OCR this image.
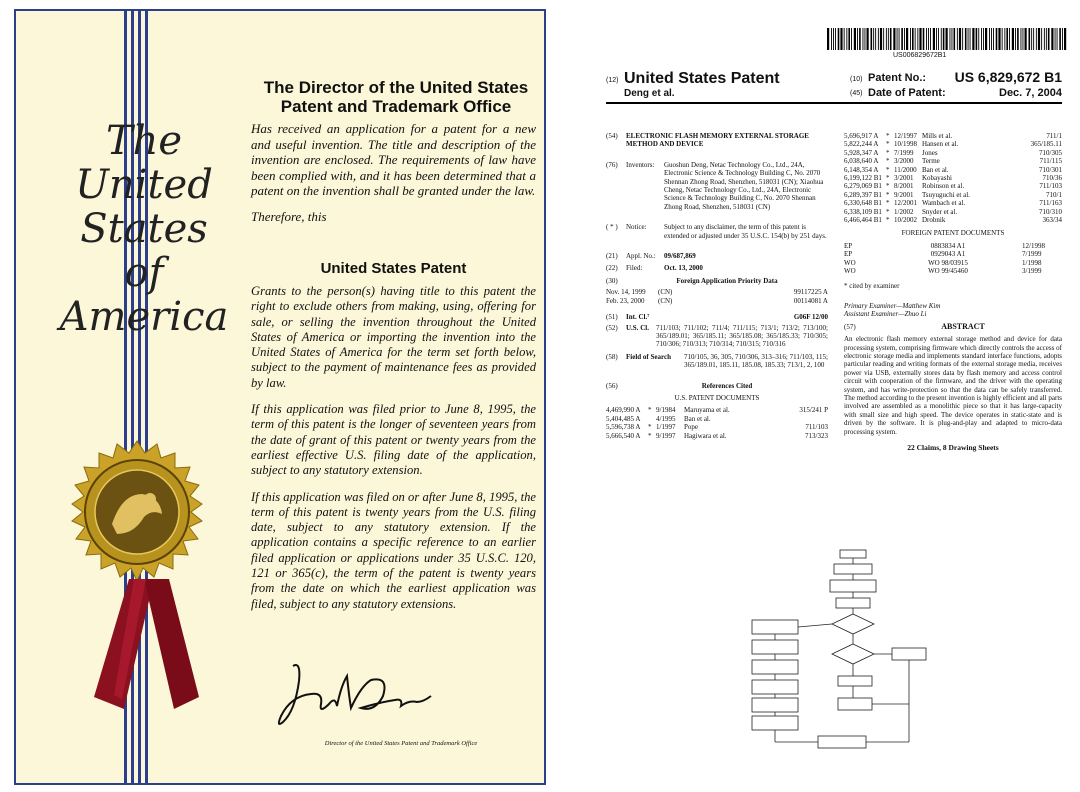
The
United
States
of
America
The Director of the United States Patent and Trademark Office

Has received an application for a patent for a new and useful invention. The title and description of the invention are enclosed. The requirements of law have been complied with, and it has been determined that a patent on the invention shall be granted under the law.

Therefore, this

United States Patent

Grants to the person(s) having title to this patent the right to exclude others from making, using, offering for sale, or selling the invention throughout the United States of America or importing the invention into the United States of America for the term set forth below, subject to the payment of maintenance fees as provided by law.

If this application was filed prior to June 8, 1995, the term of this patent is the longer of seventeen years from the date of grant of this patent or twenty years from the earliest effective U.S. filing date of the application, subject to any statutory extension.

If this application was filed on or after June 8, 1995, the term of this patent is twenty years from the U.S. filing date, subject to any statutory extension. If the application contains a specific reference to an earlier filed application or applications under 35 U.S.C. 120, 121 or 365(c), the term of the patent is twenty years from the date on which the earliest application was filed, subject to any statutory extensions.

Director of the United States Patent and Trademark Office
US006829672B1
(12) United States Patent
Deng et al.
(10) Patent No.:	US 6,829,672 B1
(45) Date of Patent:	Dec. 7, 2004
(54)	ELECTRONIC FLASH MEMORY EXTERNAL STORAGE METHOD AND DEVICE
(76)	Inventors:	Guoshun Deng, Netac Technology Co., Ltd., 24A, Electronic Science & Technology Building C, No. 2070 Shennan Zhong Road, Shenzhen, 518031 (CN); Xiaohua Cheng, Netac Technology Co., Ltd., 24A, Electronic Science & Technology Building C, No. 2070 Shennan Zhong Road, Shenzhen, 518031 (CN)
( * )	Notice:	Subject to any disclaimer, the term of this patent is extended or adjusted under 35 U.S.C. 154(b) by 251 days.
(21)	Appl. No.:	09/687,869
(22)	Filed:	Oct. 13, 2000
(30)	Foreign Application Priority Data
Nov. 14, 1999	(CN)	99117225 A
Feb. 23, 2000	(CN)	00114081 A
(51)	Int. Cl.⁷	G06F 12/00
(52)	U.S. Cl.	711/103; 711/102; 711/4; 711/115; 713/1; 713/2; 713/100; 365/189.01; 365/185.11; 365/185.08; 365/185.33; 710/305; 710/306; 710/313; 710/314; 710/315; 710/316
(58)	Field of Search	710/105, 36, 305, 710/306, 313–316; 711/103, 115; 365/189.01, 185.11, 185.08, 185.33; 713/1, 2, 100
(56)	References Cited
U.S. PATENT DOCUMENTS
4,469,990 A	* 9/1984	Maruyama et al.	315/241 P
5,404,485 A	4/1995	Ban et al.
5,596,738 A	* 1/1997	Pope	711/103
5,666,540 A	* 9/1997	Hagiwara et al.	713/323
5,696,917 A	* 12/1997 Mills et al.	711/1
5,822,244 A	* 10/1998 Hansen et al.	365/185.11
5,928,347 A	* 7/1999	Jones	710/305
6,038,640 A	* 3/2000	Terme	711/115
6,148,354 A	* 11/2000 Ban et al.	710/301
6,199,122 B1 * 3/2001	Kobayashi	710/36
6,279,069 B1 * 8/2001	Robinson et al.	711/103
6,289,397 B1 * 9/2001	Tsuyuguchi et al.	710/1
6,330,648 B1 * 12/2001 Wambach et al.	711/163
6,338,109 B1 * 1/2002	Snyder et al.	710/310
6,466,464 B1 * 10/2002 Drobnik	363/34
FOREIGN PATENT DOCUMENTS
EP	0883834 A1	12/1998
EP	0929043 A1	7/1999
WO	WO 98/03915	1/1998
WO	WO 99/45460	3/1999
* cited by examiner
Primary Examiner—Matthew Kim
Assistant Examiner—Zhuo Li
(57)	ABSTRACT
An electronic flash memory external storage method and device for data processing system, comprising firmware which directly controls the access of electronic storage media and implements standard interface functions, adopts particular reading and writing formats of the external storage media, receives power via USB, externally stores data by flash memory and access control circuit with cooperation of the firmware, and the driver with the operating system, and has write-protection so that the data can be safely transferred. The method according to the present invention is highly efficient and all parts involved are assembled as a monolithic piece so that it has large-capacity with small size and high speed. The device operates in static-state and is driven by the software. It is plug-and-play and adapted to micro-data processing system.
22 Claims, 8 Drawing Sheets
